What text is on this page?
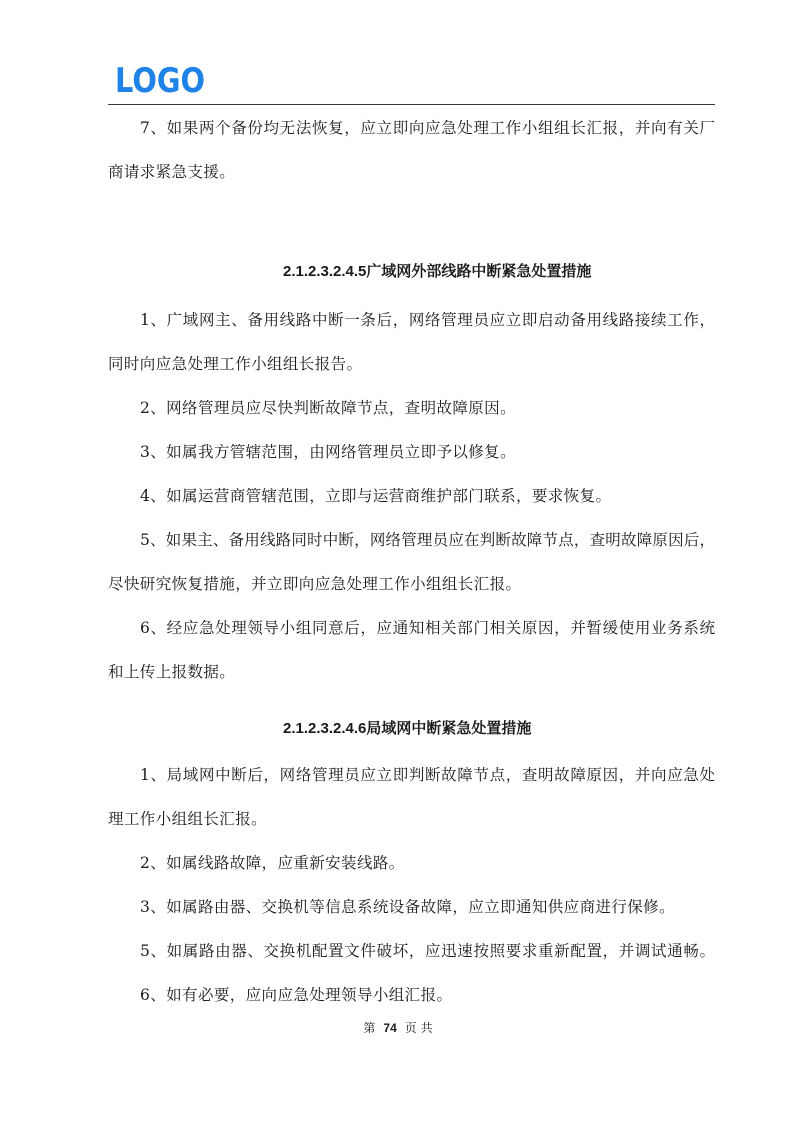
LOGO
7、如果两个备份均无法恢复，应立即向应急处理工作小组组长汇报，并向有关厂
商请求紧急支援。
2.1.2.3.2.4.5广域网外部线路中断紧急处置措施
1、广域网主、备用线路中断一条后，网络管理员应立即启动备用线路接续工作，
同时向应急处理工作小组组长报告。
2、网络管理员应尽快判断故障节点，查明故障原因。
3、如属我方管辖范围，由网络管理员立即予以修复。
4、如属运营商管辖范围，立即与运营商维护部门联系，要求恢复。
5、如果主、备用线路同时中断，网络管理员应在判断故障节点，查明故障原因后，
尽快研究恢复措施，并立即向应急处理工作小组组长汇报。
6、经应急处理领导小组同意后，应通知相关部门相关原因，并暂缓使用业务系统
和上传上报数据。
2.1.2.3.2.4.6局域网中断紧急处置措施
1、局域网中断后，网络管理员应立即判断故障节点，查明故障原因，并向应急处
理工作小组组长汇报。
2、如属线路故障，应重新安装线路。
3、如属路由器、交换机等信息系统设备故障，应立即通知供应商进行保修。
5、如属路由器、交换机配置文件破坏，应迅速按照要求重新配置，并调试通畅。
6、如有必要，应向应急处理领导小组汇报。
第 74 页 共
